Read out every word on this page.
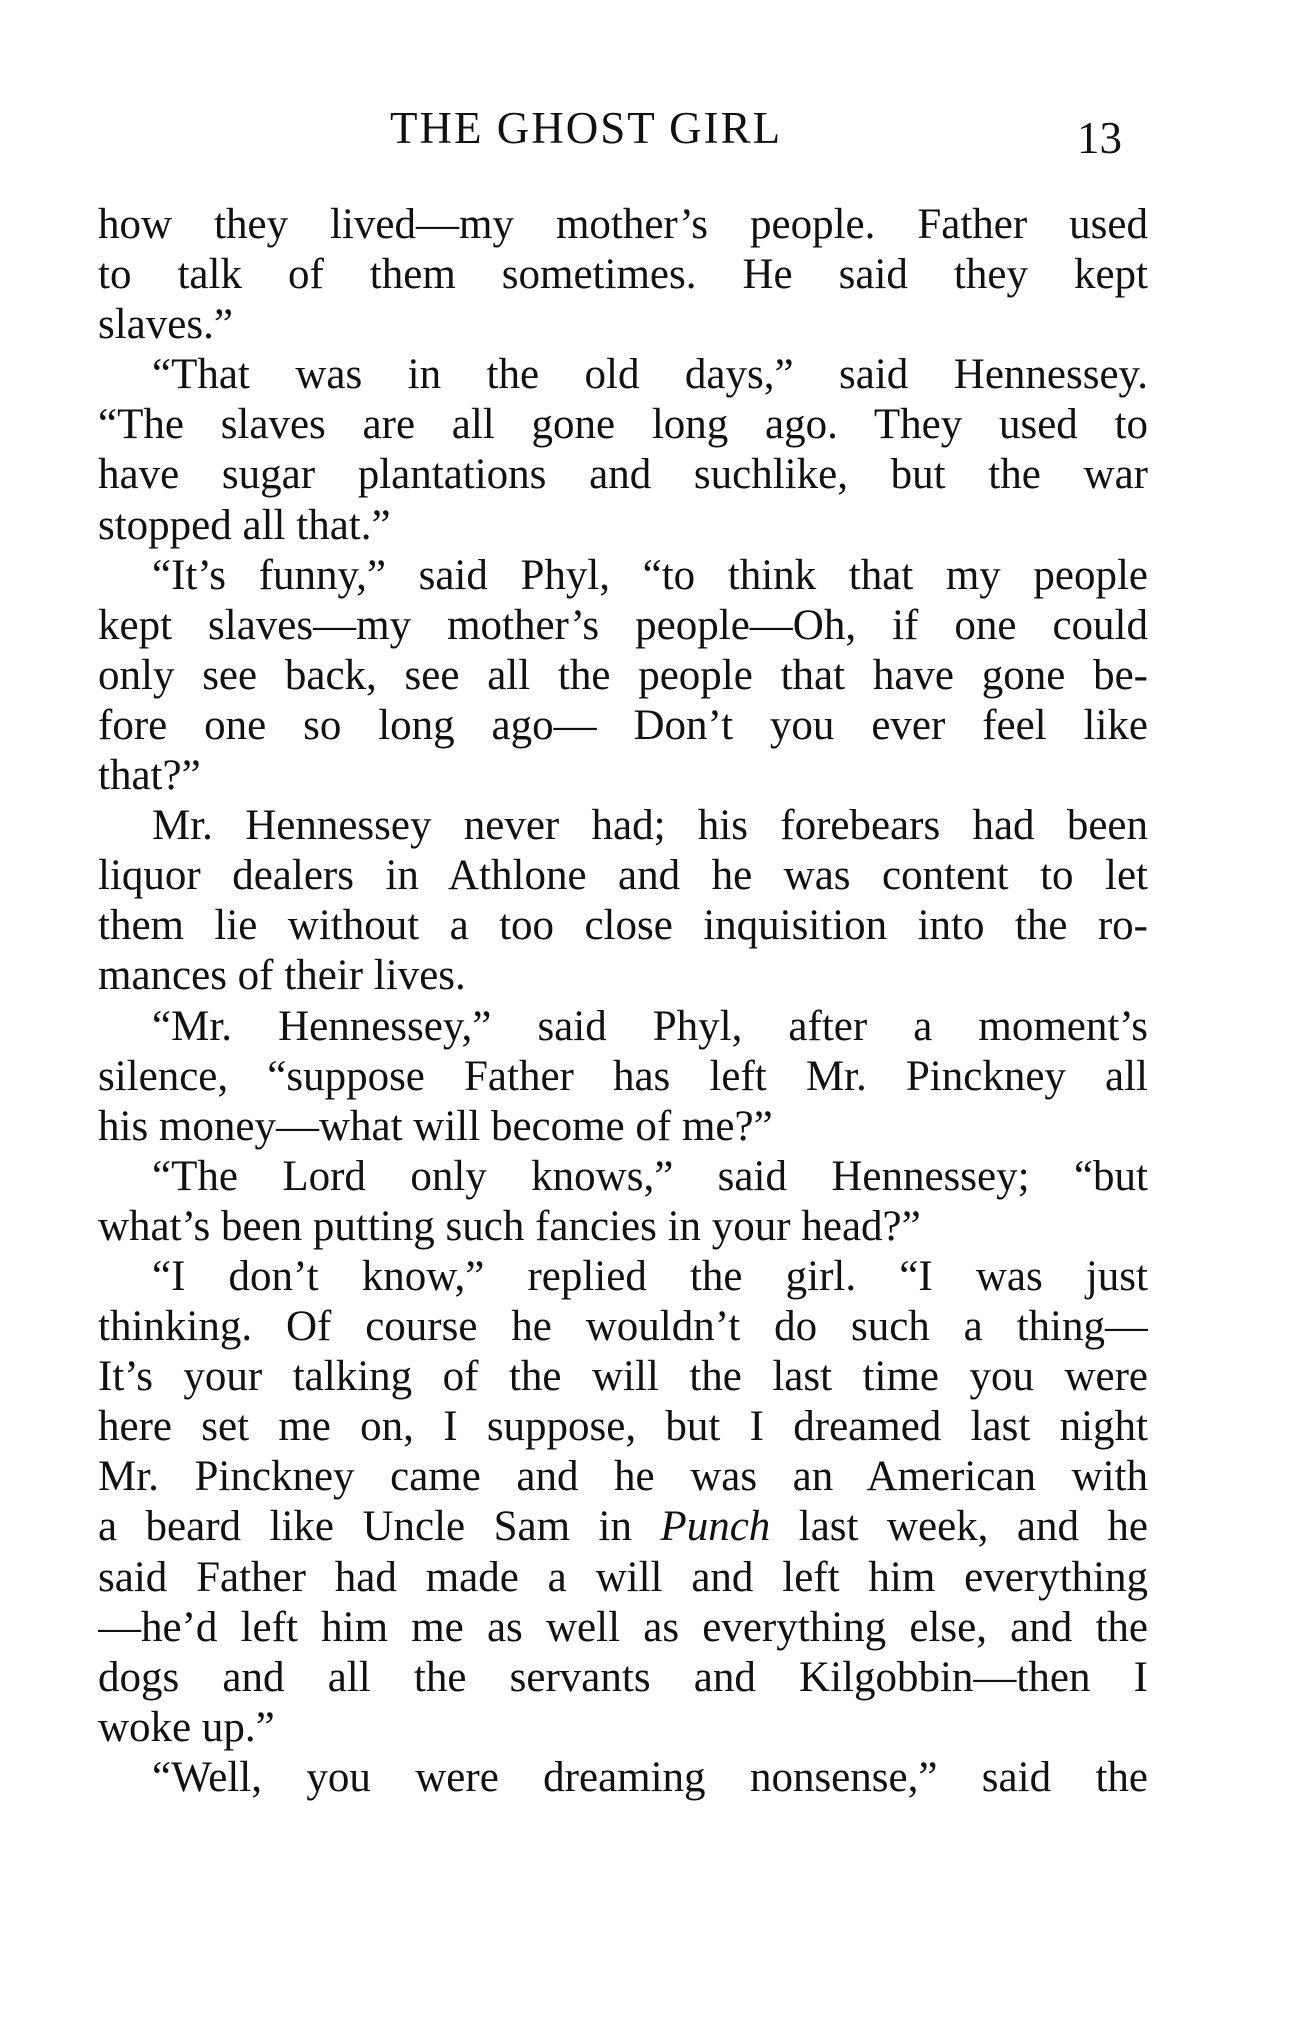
THE GHOST GIRL	13
how they lived—my mother’s people. Father used
to talk of them sometimes. He said they kept
slaves.”
“That was in the old days,” said Hennessey.
“The slaves are all gone long ago. They used to
have sugar plantations and suchlike, but the war
stopped all that.”
“It’s funny,” said Phyl, “to think that my people
kept slaves—my mother’s people—Oh, if one could
only see back, see all the people that have gone be-
fore one so long ago— Don’t you ever feel like
that?”
Mr. Hennessey never had; his forebears had been
liquor dealers in Athlone and he was content to let
them lie without a too close inquisition into the ro-
mances of their lives.
“Mr. Hennessey,” said Phyl, after a moment’s
silence, “suppose Father has left Mr. Pinckney all
his money—what will become of me?”
“The Lord only knows,” said Hennessey; “but
what’s been putting such fancies in your head?”
“I don’t know,” replied the girl. “I was just
thinking. Of course he wouldn’t do such a thing—
It’s your talking of the will the last time you were
here set me on, I suppose, but I dreamed last night
Mr. Pinckney came and he was an American with
a beard like Uncle Sam in Punch last week, and he
said Father had made a will and left him everything
—he’d left him me as well as everything else, and the
dogs and all the servants and Kilgobbin—then I
woke up.”
“Well, you were dreaming nonsense,” said the
